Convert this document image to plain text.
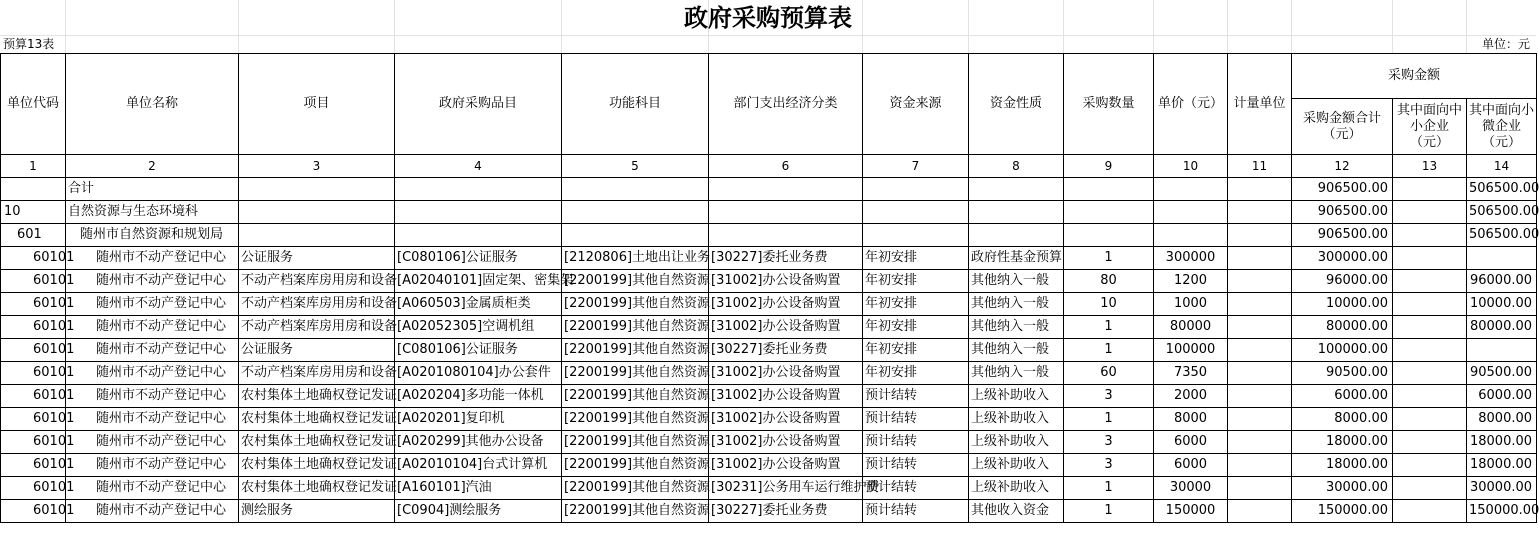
政府采购预算表
预算13表	单位：元
单位代码	单位名称	项目	政府采购品目	功能科目	部门支出经济分类	资金来源	资金性质	采购数量	单价（元）	计量单位	采购金额		
											采购金额合计（元）	其中面向中小企业（元）	其中面向小微企业（元）
1	2	3	4	5	6	7	8	9	10	11	12	13	14
	合计										906500.00		506500.00
10	自然资源与生态环境科										906500.00		506500.00
601	随州市自然资源和规划局										906500.00		506500.00
60101	随州市不动产登记中心	公证服务	[C080106]公证服务	[2120806]土地出让业务	[30227]委托业务费	年初安排	政府性基金预算	1	300000		300000.00		
60101	随州市不动产登记中心	不动产档案库房用房和设备	[A02040101]固定架、密集架	[2200199]其他自然资源	[31002]办公设备购置	年初安排	其他纳入一般	80	1200		96000.00		96000.00
60101	随州市不动产登记中心	不动产档案库房用房和设备	[A060503]金属质柜类	[2200199]其他自然资源	[31002]办公设备购置	年初安排	其他纳入一般	10	1000		10000.00		10000.00
60101	随州市不动产登记中心	不动产档案库房用房和设备	[A02052305]空调机组	[2200199]其他自然资源	[31002]办公设备购置	年初安排	其他纳入一般	1	80000		80000.00		80000.00
60101	随州市不动产登记中心	公证服务	[C080106]公证服务	[2200199]其他自然资源	[30227]委托业务费	年初安排	其他纳入一般	1	100000		100000.00		
60101	随州市不动产登记中心	不动产档案库房用房和设备	[A0201080104]办公套件	[2200199]其他自然资源	[31002]办公设备购置	年初安排	其他纳入一般	60	7350		90500.00		90500.00
60101	随州市不动产登记中心	农村集体土地确权登记发证	[A020204]多功能一体机	[2200199]其他自然资源	[31002]办公设备购置	预计结转	上级补助收入	3	2000		6000.00		6000.00
60101	随州市不动产登记中心	农村集体土地确权登记发证	[A020201]复印机	[2200199]其他自然资源	[31002]办公设备购置	预计结转	上级补助收入	1	8000		8000.00		8000.00
60101	随州市不动产登记中心	农村集体土地确权登记发证	[A020299]其他办公设备	[2200199]其他自然资源	[31002]办公设备购置	预计结转	上级补助收入	3	6000		18000.00		18000.00
60101	随州市不动产登记中心	农村集体土地确权登记发证	[A02010104]台式计算机	[2200199]其他自然资源	[31002]办公设备购置	预计结转	上级补助收入	3	6000		18000.00		18000.00
60101	随州市不动产登记中心	农村集体土地确权登记发证	[A160101]汽油	[2200199]其他自然资源	[30231]公务用车运行维护费	预计结转	上级补助收入	1	30000		30000.00		30000.00
60101	随州市不动产登记中心	测绘服务	[C0904]测绘服务	[2200199]其他自然资源	[30227]委托业务费	预计结转	其他收入资金	1	150000		150000.00		150000.00
